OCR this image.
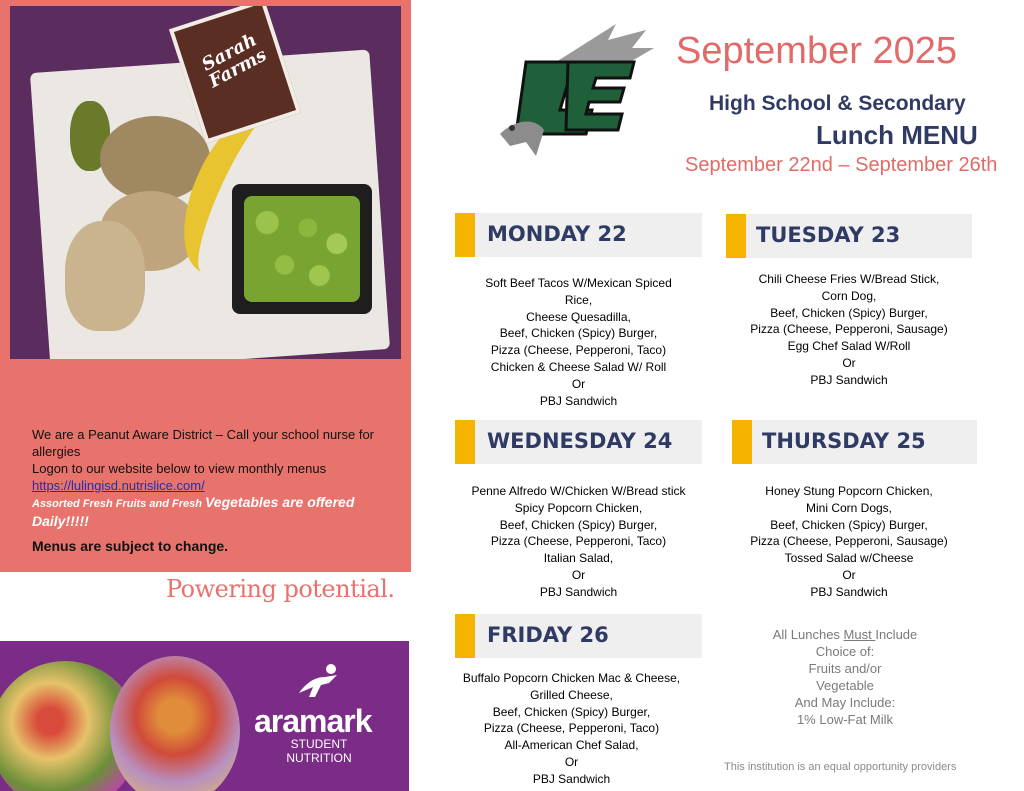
Sarah Farms
We are a Peanut Aware District – Call your school nurse for allergies
Logon to our website below to view monthly menus
https://lulingisd.nutrislice.com/
Assorted Fresh Fruits and Fresh Vegetables are offered Daily!!!!!
Menus are subject to change.
Powering potential.
aramark
STUDENT
NUTRITION
September 2025
High School & Secondary
Lunch MENU
September 22nd – September 26th
MONDAY 22
Soft Beef Tacos W/Mexican Spiced
Rice,
Cheese Quesadilla,
Beef, Chicken (Spicy) Burger,
Pizza (Cheese, Pepperoni, Taco)
Chicken & Cheese Salad W/ Roll
Or
PBJ Sandwich
TUESDAY 23
Chili Cheese Fries W/Bread Stick,
Corn Dog,
Beef, Chicken (Spicy) Burger,
Pizza (Cheese, Pepperoni, Sausage)
Egg Chef Salad W/Roll
Or
PBJ Sandwich
WEDNESDAY 24
Penne Alfredo W/Chicken W/Bread stick
Spicy Popcorn Chicken,
Beef, Chicken (Spicy) Burger,
Pizza (Cheese, Pepperoni, Taco)
Italian Salad,
Or
PBJ Sandwich
THURSDAY 25
Honey Stung Popcorn Chicken,
Mini Corn Dogs,
Beef, Chicken (Spicy) Burger,
Pizza (Cheese, Pepperoni, Sausage)
Tossed Salad w/Cheese
Or
PBJ Sandwich
FRIDAY 26
Buffalo Popcorn Chicken Mac & Cheese,
Grilled Cheese,
Beef, Chicken (Spicy) Burger,
Pizza (Cheese, Pepperoni, Taco)
All-American Chef Salad,
Or
PBJ Sandwich
All Lunches Must Include
Choice of:
Fruits and/or
Vegetable
And May Include:
1% Low-Fat Milk
This institution is an equal opportunity providers
